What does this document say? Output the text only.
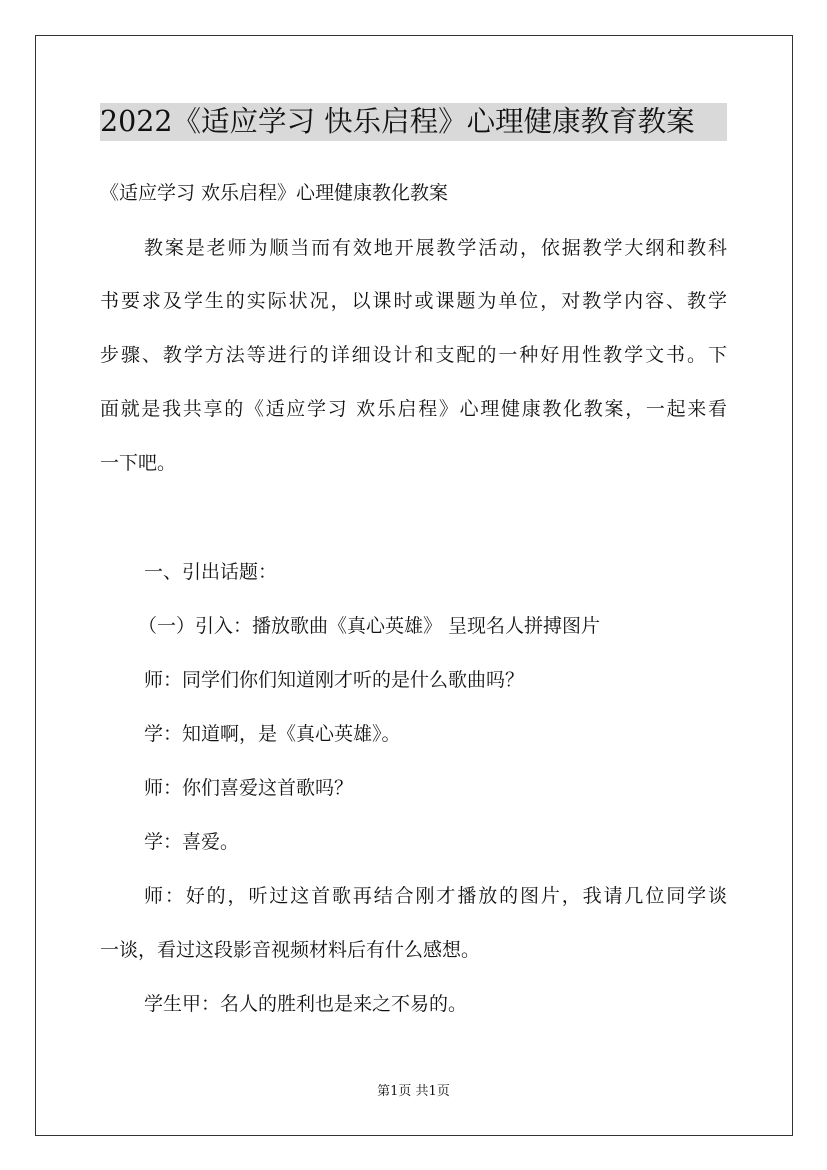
2022《适应学习 快乐启程》心理健康教育教案
《适应学习 欢乐启程》心理健康教化教案
教案是老师为顺当而有效地开展教学活动，依据教学大纲和教科
书要求及学生的实际状况，以课时或课题为单位，对教学内容、教学
步骤、教学方法等进行的详细设计和支配的一种好用性教学文书。下
面就是我共享的《适应学习 欢乐启程》心理健康教化教案，一起来看
一下吧。
一、引出话题：
（一）引入：播放歌曲《真心英雄》 呈现名人拼搏图片
师：同学们你们知道刚才听的是什么歌曲吗？
学：知道啊，是《真心英雄》。
师：你们喜爱这首歌吗？
学：喜爱。
师：好的，听过这首歌再结合刚才播放的图片，我请几位同学谈
一谈，看过这段影音视频材料后有什么感想。
学生甲：名人的胜利也是来之不易的。
第1页 共1页
